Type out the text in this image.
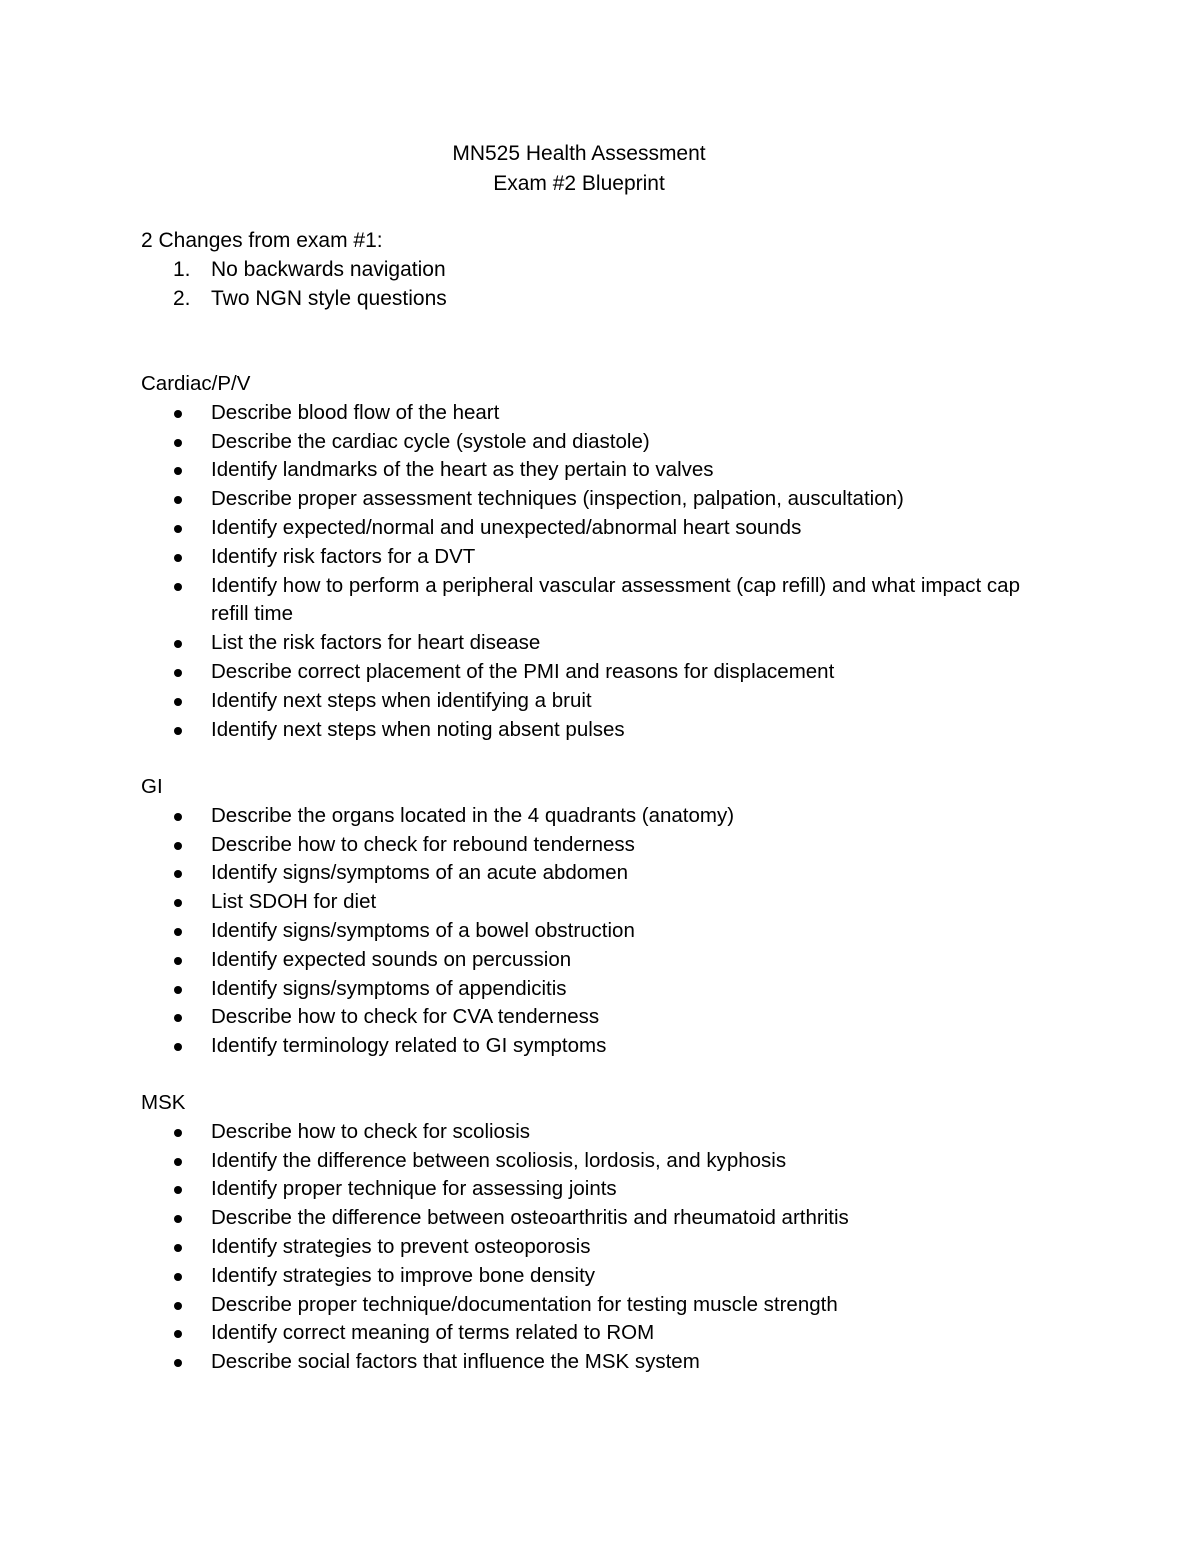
MN525 Health Assessment
Exam #2 Blueprint
2 Changes from exam #1:
1. No backwards navigation
2. Two NGN style questions
Cardiac/P/V
Describe blood flow of the heart
Describe the cardiac cycle (systole and diastole)
Identify landmarks of the heart as they pertain to valves
Describe proper assessment techniques (inspection, palpation, auscultation)
Identify expected/normal and unexpected/abnormal heart sounds
Identify risk factors for a DVT
Identify how to perform a peripheral vascular assessment (cap refill) and what impact cap refill time
List the risk factors for heart disease
Describe correct placement of the PMI and reasons for displacement
Identify next steps when identifying a bruit
Identify next steps when noting absent pulses
GI
Describe the organs located in the 4 quadrants (anatomy)
Describe how to check for rebound tenderness
Identify signs/symptoms of an acute abdomen
List SDOH for diet
Identify signs/symptoms of a bowel obstruction
Identify expected sounds on percussion
Identify signs/symptoms of appendicitis
Describe how to check for CVA tenderness
Identify terminology related to GI symptoms
MSK
Describe how to check for scoliosis
Identify the difference between scoliosis, lordosis, and kyphosis
Identify proper technique for assessing joints
Describe the difference between osteoarthritis and rheumatoid arthritis
Identify strategies to prevent osteoporosis
Identify strategies to improve bone density
Describe proper technique/documentation for testing muscle strength
Identify correct meaning of terms related to ROM
Describe social factors that influence the MSK system
